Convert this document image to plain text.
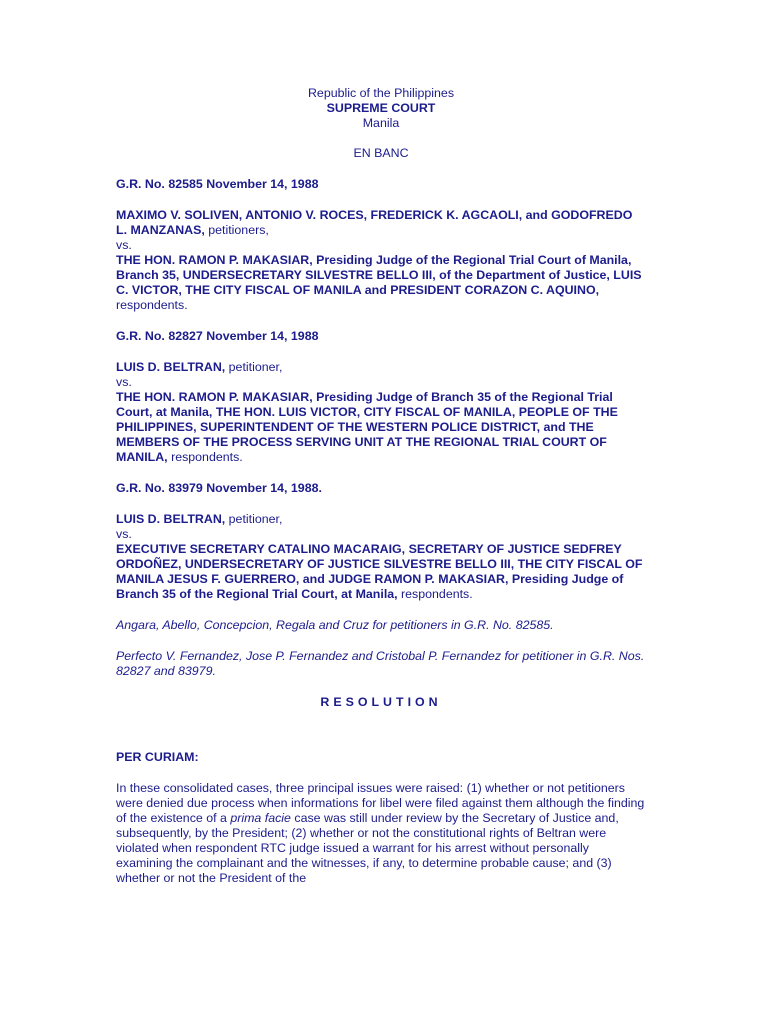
Republic of the Philippines

SUPREME COURT

Manila

EN BANC

G.R. No. 82585 November 14, 1988

MAXIMO V. SOLIVEN, ANTONIO V. ROCES, FREDERICK K. AGCAOLI, and GODOFREDO L. MANZANAS, petitioners,
vs.
THE HON. RAMON P. MAKASIAR, Presiding Judge of the Regional Trial Court of Manila, Branch 35, UNDERSECRETARY SILVESTRE BELLO III, of the Department of Justice, LUIS C. VICTOR, THE CITY FISCAL OF MANILA and PRESIDENT CORAZON C. AQUINO, respondents.

G.R. No. 82827 November 14, 1988

LUIS D. BELTRAN, petitioner,
vs.
THE HON. RAMON P. MAKASIAR, Presiding Judge of Branch 35 of the Regional Trial Court, at Manila, THE HON. LUIS VICTOR, CITY FISCAL OF MANILA, PEOPLE OF THE PHILIPPINES, SUPERINTENDENT OF THE WESTERN POLICE DISTRICT, and THE MEMBERS OF THE PROCESS SERVING UNIT AT THE REGIONAL TRIAL COURT OF MANILA, respondents.

G.R. No. 83979 November 14, 1988.

LUIS D. BELTRAN, petitioner,
vs.
EXECUTIVE SECRETARY CATALINO MACARAIG, SECRETARY OF JUSTICE SEDFREY ORDOÑEZ, UNDERSECRETARY OF JUSTICE SILVESTRE BELLO III, THE CITY FISCAL OF MANILA JESUS F. GUERRERO, and JUDGE RAMON P. MAKASIAR, Presiding Judge of Branch 35 of the Regional Trial Court, at Manila, respondents.

Angara, Abello, Concepcion, Regala and Cruz for petitioners in G.R. No. 82585.

Perfecto V. Fernandez, Jose P. Fernandez and Cristobal P. Fernandez for petitioner in G.R. Nos. 82827 and 83979.

RESOLUTION

PER CURIAM:

In these consolidated cases, three principal issues were raised: (1) whether or not petitioners were denied due process when informations for libel were filed against them although the finding of the existence of a prima facie case was still under review by the Secretary of Justice and, subsequently, by the President; (2) whether or not the constitutional rights of Beltran were violated when respondent RTC judge issued a warrant for his arrest without personally examining the complainant and the witnesses, if any, to determine probable cause; and (3) whether or not the President of the
